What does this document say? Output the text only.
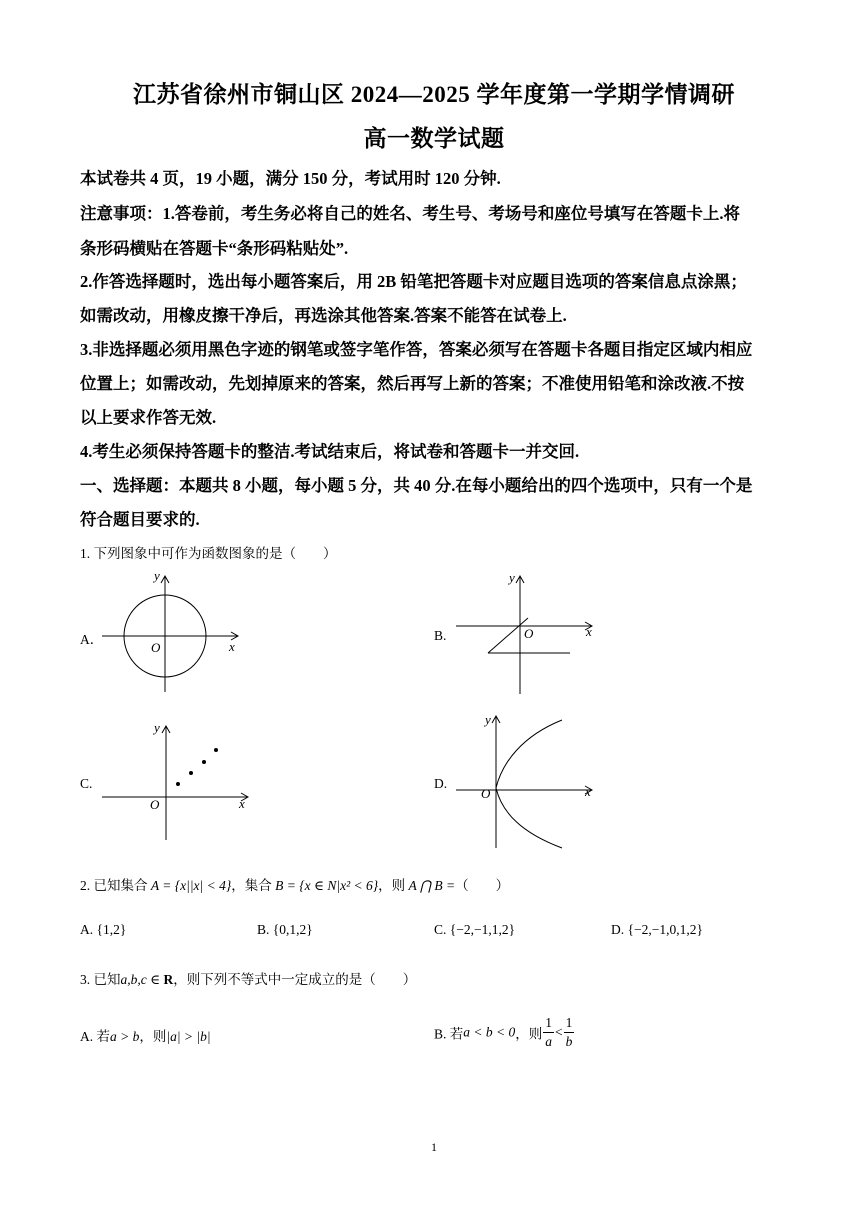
江苏省徐州市铜山区 2024—2025 学年度第一学期学情调研
高一数学试题
本试卷共 4 页，19 小题，满分 150 分，考试用时 120 分钟.
注意事项：1.答卷前，考生务必将自己的姓名、考生号、考场号和座位号填写在答题卡上.将
条形码横贴在答题卡“条形码粘贴处”.
2.作答选择题时，选出每小题答案后，用 2B 铅笔把答题卡对应题目选项的答案信息点涂黑；
如需改动，用橡皮擦干净后，再选涂其他答案.答案不能答在试卷上.
3.非选择题必须用黑色字迹的钢笔或签字笔作答，答案必须写在答题卡各题目指定区域内相应
位置上；如需改动，先划掉原来的答案，然后再写上新的答案；不准使用铅笔和涂改液.不按
以上要求作答无效.
4.考生必须保持答题卡的整洁.考试结束后，将试卷和答题卡一并交回.
一、选择题：本题共 8 小题，每小题 5 分，共 40 分.在每小题给出的四个选项中，只有一个是
符合题目要求的.
1. 下列图象中可作为函数图象的是（　　）
A．
y
x
O
B.
y
x
O
C.
y
x
O
D.
y
x
O
2. 已知集合 A = {x||x| < 4}，集合 B = {x ∈ N|x² < 6}，则 A ⋂ B =（　　）
A. {1,2}	B. {0,1,2}	C. {−2,−1,1,2}	D. {−2,−1,0,1,2}
3. 已知a,b,c ∈ R，则下列不等式中一定成立的是（　　）
A. 若a > b，则|a| > |b|	B. 若a < b < 0，则 $\frac{1}{a} < \frac{1}{b}$
1
